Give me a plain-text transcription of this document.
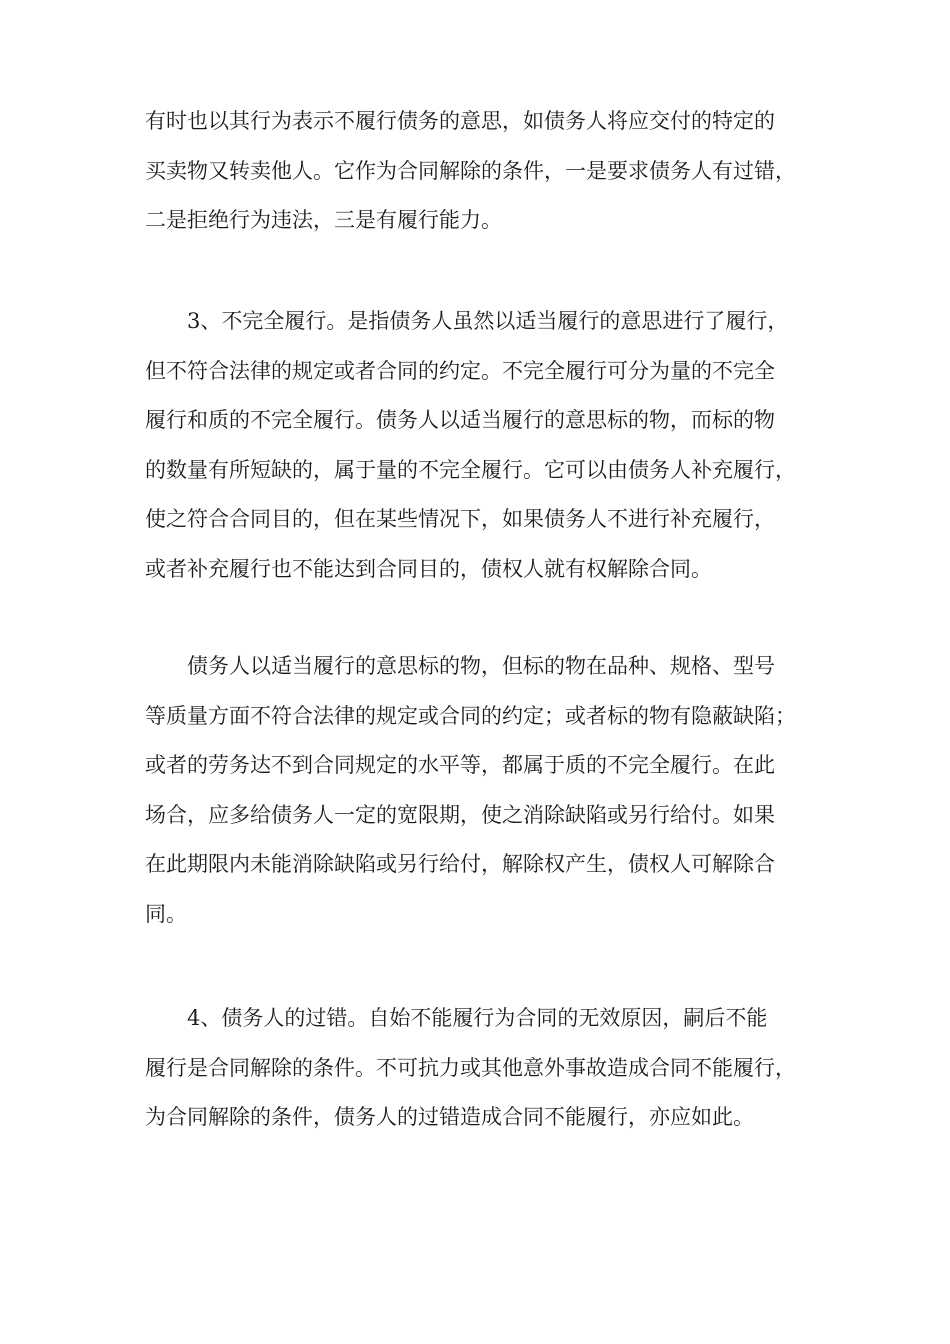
有时也以其行为表示不履行债务的意思，如债务人将应交付的特定的
买卖物又转卖他人。它作为合同解除的条件，一是要求债务人有过错，
二是拒绝行为违法，三是有履行能力。

3、不完全履行。是指债务人虽然以适当履行的意思进行了履行，
但不符合法律的规定或者合同的约定。不完全履行可分为量的不完全
履行和质的不完全履行。债务人以适当履行的意思标的物，而标的物
的数量有所短缺的，属于量的不完全履行。它可以由债务人补充履行，
使之符合合同目的，但在某些情况下，如果债务人不进行补充履行，
或者补充履行也不能达到合同目的，债权人就有权解除合同。

债务人以适当履行的意思标的物，但标的物在品种、规格、型号
等质量方面不符合法律的规定或合同的约定；或者标的物有隐蔽缺陷；
或者的劳务达不到合同规定的水平等，都属于质的不完全履行。在此
场合，应多给债务人一定的宽限期，使之消除缺陷或另行给付。如果
在此期限内未能消除缺陷或另行给付，解除权产生，债权人可解除合
同。

4、债务人的过错。自始不能履行为合同的无效原因，嗣后不能
履行是合同解除的条件。不可抗力或其他意外事故造成合同不能履行，
为合同解除的条件，债务人的过错造成合同不能履行，亦应如此。
